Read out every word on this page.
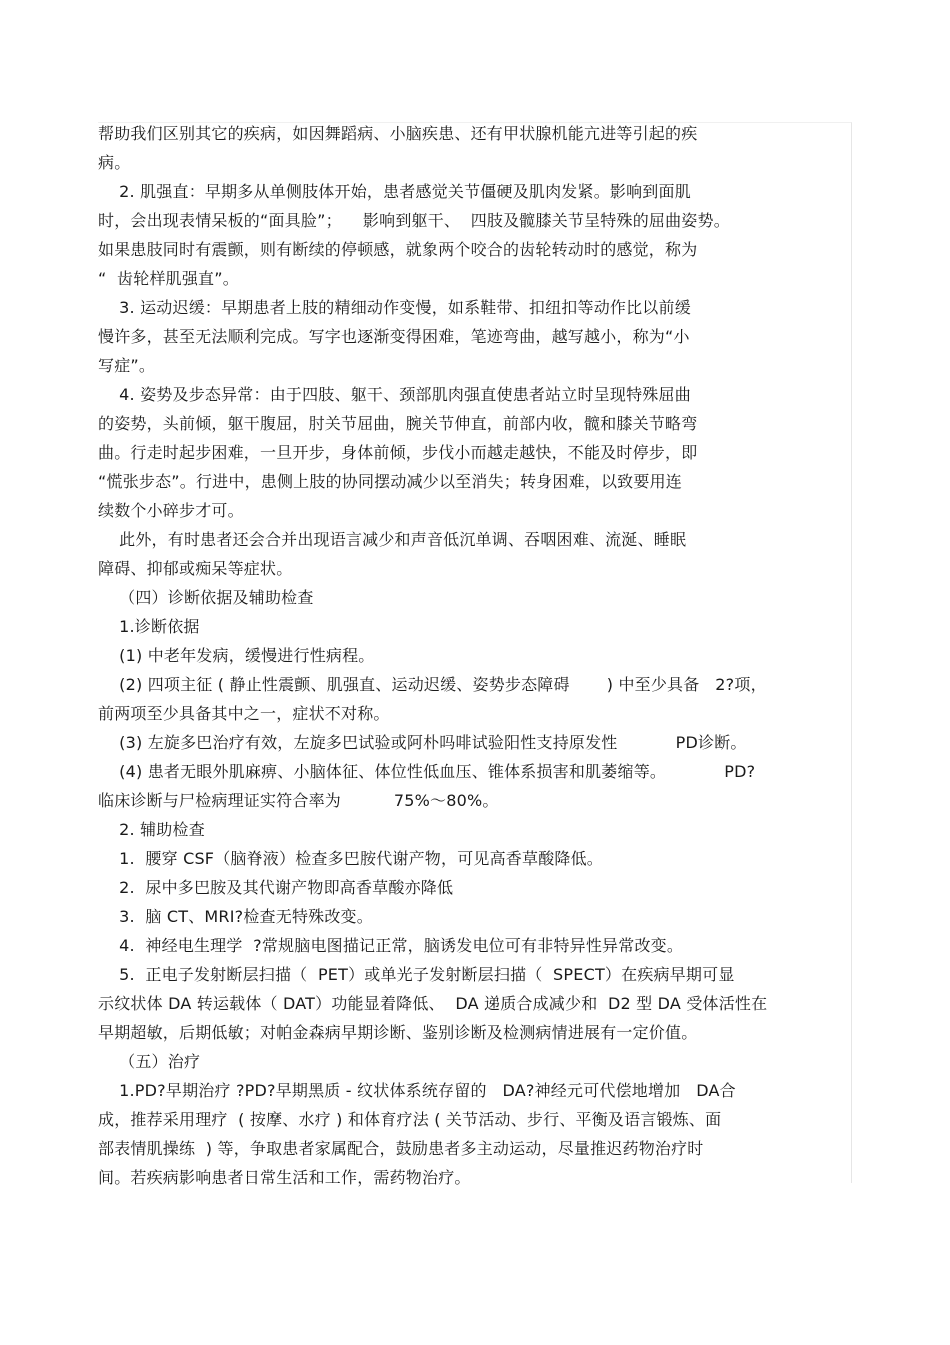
帮助我们区别其它的疾病，如因舞蹈病、小脑疾患、还有甲状腺机能亢进等引起的疾
病。
2. 肌强直：早期多从单侧肢体开始，患者感觉关节僵硬及肌肉发紧。影响到面肌
时，会出现表情呆板的“面具脸”；    影响到躯干、  四肢及髋膝关节呈特殊的屈曲姿势。
如果患肢同时有震颤，则有断续的停顿感，就象两个咬合的齿轮转动时的感觉，称为
“  齿轮样肌强直”。
3. 运动迟缓：早期患者上肢的精细动作变慢，如系鞋带、扣纽扣等动作比以前缓
慢许多，甚至无法顺利完成。写字也逐渐变得困难，笔迹弯曲，越写越小，称为“小
写症”。
4. 姿势及步态异常：由于四肢、躯干、颈部肌肉强直使患者站立时呈现特殊屈曲
的姿势，头前倾，躯干腹屈，肘关节屈曲，腕关节伸直，前部内收，髋和膝关节略弯
曲。行走时起步困难，一旦开步，身体前倾，步伐小而越走越快，不能及时停步，即
“慌张步态”。行进中，患侧上肢的协同摆动减少以至消失；转身困难，以致要用连
续数个小碎步才可。
此外，有时患者还会合并出现语言减少和声音低沉单调、吞咽困难、流涎、睡眠
障碍、抑郁或痴呆等症状。
（四）诊断依据及辅助检查
1.诊断依据
(1) 中老年发病，缓慢进行性病程。
(2) 四项主征 ( 静止性震颤、肌强直、运动迟缓、姿势步态障碍       ) 中至少具备   2?项，
前两项至少具备其中之一，症状不对称。
(3) 左旋多巴治疗有效，左旋多巴试验或阿朴吗啡试验阳性支持原发性           PD诊断。
(4) 患者无眼外肌麻痹、小脑体征、体位性低血压、锥体系损害和肌萎缩等。           PD?
临床诊断与尸检病理证实符合率为          75%～80%。
2. 辅助检查
1.  腰穿 CSF（脑脊液）检查多巴胺代谢产物，可见高香草酸降低。
2.  尿中多巴胺及其代谢产物即高香草酸亦降低
3.  脑 CT、MRI?检查无特殊改变。
4.  神经电生理学  ?常规脑电图描记正常，脑诱发电位可有非特异性异常改变。
5.  正电子发射断层扫描（  PET）或单光子发射断层扫描（  SPECT）在疾病早期可显
示纹状体 DA 转运载体（ DAT）功能显着降低、  DA 递质合成减少和  D2 型 DA 受体活性在
早期超敏，后期低敏；对帕金森病早期诊断、鉴别诊断及检测病情进展有一定价值。
（五）治疗
1.PD?早期治疗 ?PD?早期黑质 - 纹状体系统存留的   DA?神经元可代偿地增加   DA合
成，推荐采用理疗  ( 按摩、水疗 ) 和体育疗法 ( 关节活动、步行、平衡及语言锻炼、面
部表情肌操练  ) 等，争取患者家属配合，鼓励患者多主动运动，尽量推迟药物治疗时
间。若疾病影响患者日常生活和工作，需药物治疗。
